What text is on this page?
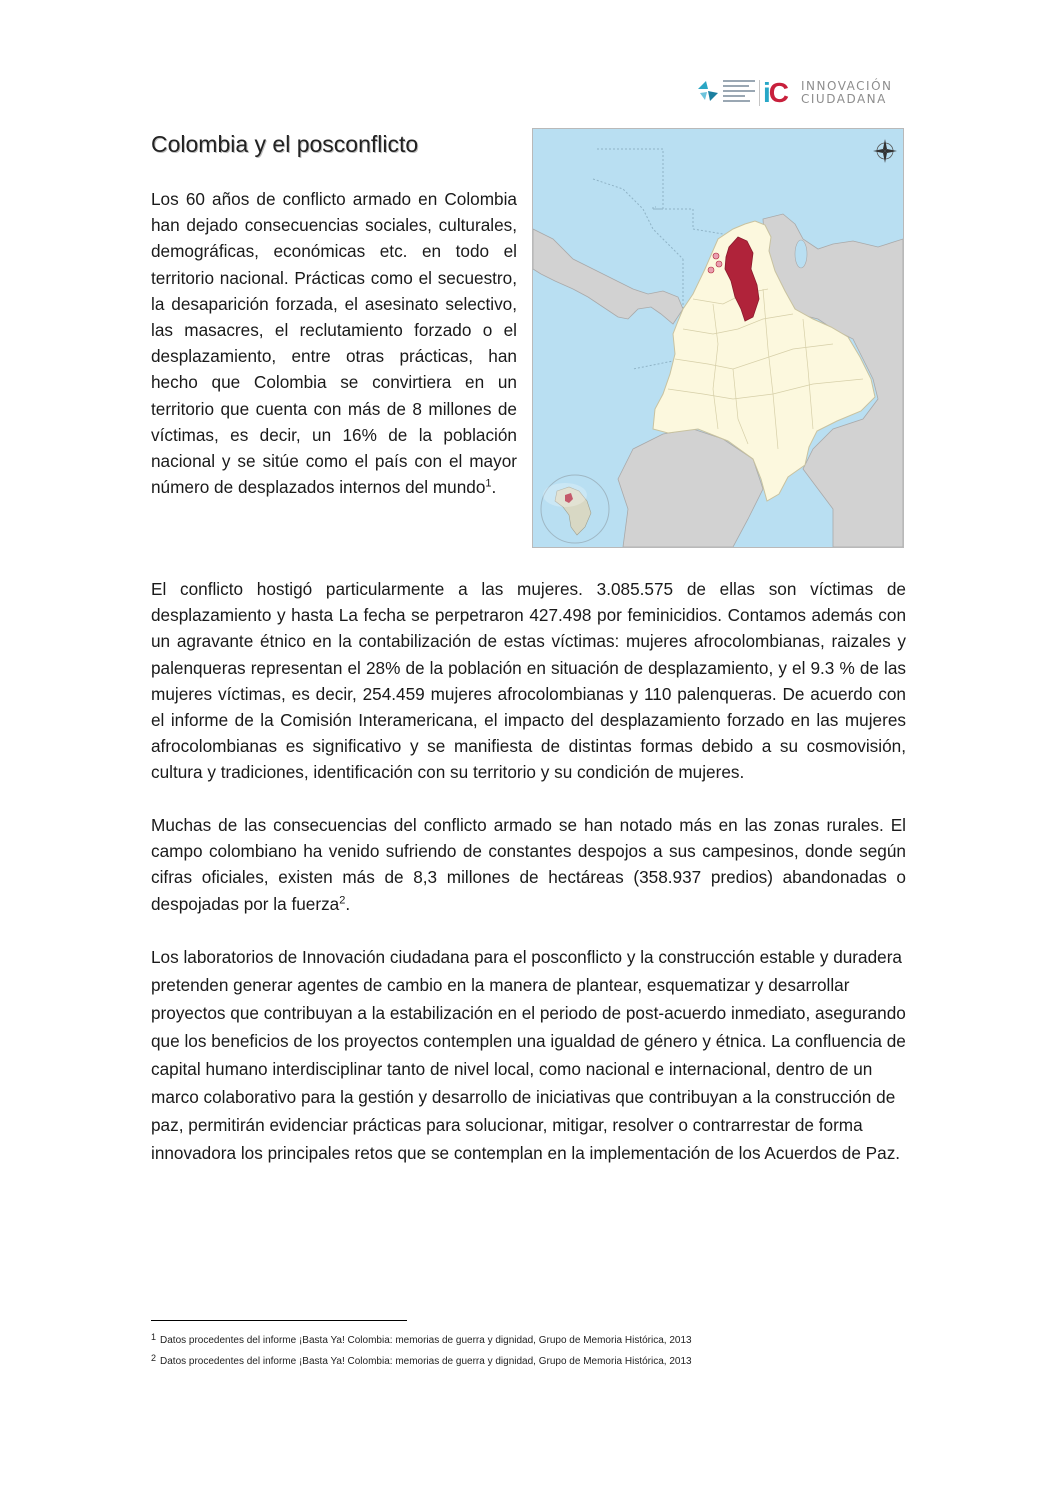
iC INNOVACIÓN
CIUDADANA
Colombia y el posconflicto

Los 60 años de conflicto armado en Colombia han dejado consecuencias sociales, culturales, demográficas, económicas etc. en todo el territorio nacional. Prácticas como el secuestro, la desaparición forzada, el asesinato selectivo, las masacres, el reclutamiento forzado o el desplazamiento, entre otras prácticas, han hecho que Colombia se convirtiera en un territorio que cuenta con más de 8 millones de víctimas, es decir, un 16% de la población nacional y se sitúe como el país con el mayor número de desplazados internos del mundo$^1$.

El conflicto hostigó particularmente a las mujeres. 3.085.575 de ellas son víctimas de desplazamiento y hasta La fecha se perpetraron 427.498 por feminicidios. Contamos además con un agravante étnico en la contabilización de estas víctimas: mujeres afrocolombianas, raizales y palenqueras representan el 28% de la población en situación de desplazamiento, y el 9.3 % de las mujeres víctimas, es decir, 254.459 mujeres afrocolombianas y 110 palenqueras. De acuerdo con el informe de la Comisión Interamericana, el impacto del desplazamiento forzado en las mujeres afrocolombianas es significativo y se manifiesta de distintas formas debido a su cosmovisión, cultura y tradiciones, identificación con su territorio y su condición de mujeres.

Muchas de las consecuencias del conflicto armado se han notado más en las zonas rurales. El campo colombiano ha venido sufriendo de constantes despojos a sus campesinos, donde según cifras oficiales, existen más de 8,3 millones de hectáreas (358.937 predios) abandonadas o despojadas por la fuerza$^2$.

Los laboratorios de Innovación ciudadana para el posconflicto y la construcción estable y duradera pretenden generar agentes de cambio en la manera de plantear, esquematizar y desarrollar proyectos que contribuyan a la estabilización en el periodo de post-acuerdo inmediato, asegurando que los beneficios de los proyectos contemplen una igualdad de género y étnica. La confluencia de capital humano interdisciplinar tanto de nivel local, como nacional e internacional, dentro de un marco colaborativo para la gestión y desarrollo de iniciativas que contribuyan a la construcción de paz, permitirán evidenciar prácticas para solucionar, mitigar, resolver o contrarrestar de forma innovadora los principales retos que se contemplan en la implementación de los Acuerdos de Paz.

$^1$ Datos procedentes del informe ¡Basta Ya! Colombia: memorias de guerra y dignidad, Grupo de Memoria Histórica, 2013
$^2$ Datos procedentes del informe ¡Basta Ya! Colombia: memorias de guerra y dignidad, Grupo de Memoria Histórica, 2013
